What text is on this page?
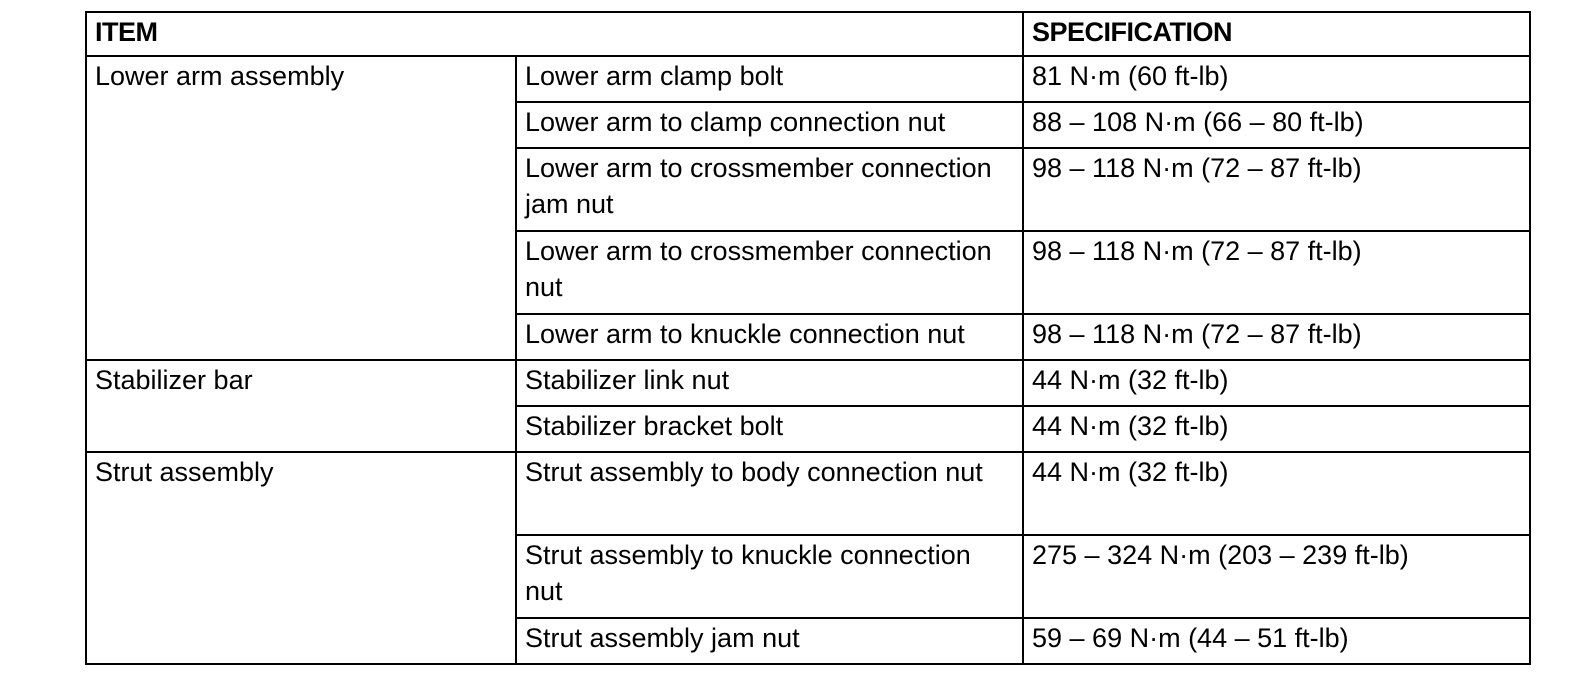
ITEM		SPECIFICATION
Lower arm assembly	Lower arm clamp bolt	81 N·m (60 ft-lb)
	Lower arm to clamp connection nut	88 – 108 N·m (66 – 80 ft-lb)
	Lower arm to crossmember connection jam nut	98 – 118 N·m (72 – 87 ft-lb)
	Lower arm to crossmember connection nut	98 – 118 N·m (72 – 87 ft-lb)
	Lower arm to knuckle connection nut	98 – 118 N·m (72 – 87 ft-lb)
Stabilizer bar	Stabilizer link nut	44 N·m (32 ft-lb)
	Stabilizer bracket bolt	44 N·m (32 ft-lb)
Strut assembly	Strut assembly to body connection nut	44 N·m (32 ft-lb)
	Strut assembly to knuckle connection nut	275 – 324 N·m (203 – 239 ft-lb)
	Strut assembly jam nut	59 – 69 N·m (44 – 51 ft-lb)
